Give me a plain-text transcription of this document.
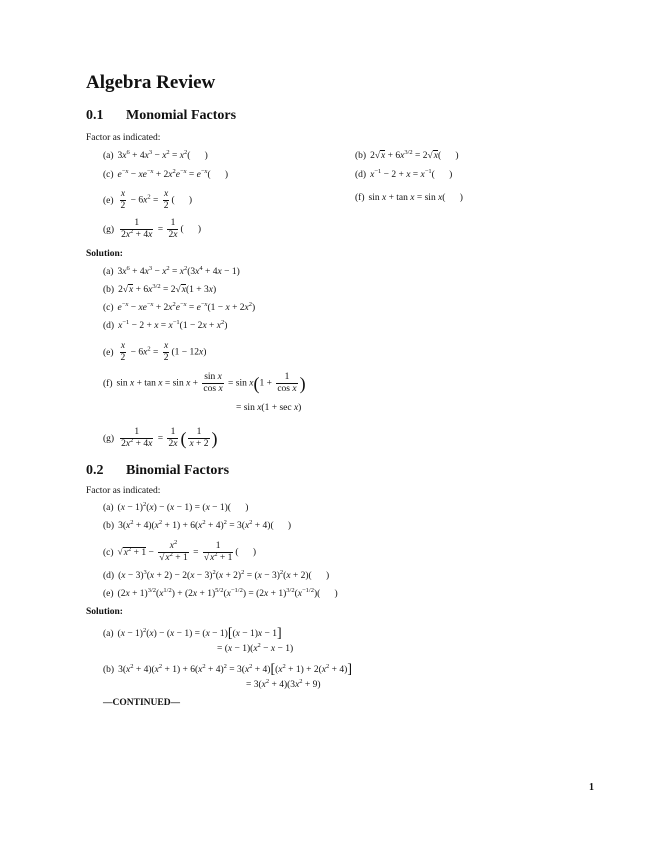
Algebra Review
0.1 Monomial Factors
Factor as indicated:
(a) $3x^6 + 4x^3 - x^2 = x^2$(      )	(b) $2√x + 6x^{3/2} = 2√x$(      )
(c) $e^{-x} - xe^{-x} + 2x^2e^{-x} = e^{-x}$(      )	(d) $x^{-1} - 2 + x = x^{-1}$(      )
$(e) \frac{x}{2} - 6x^2 = \frac{x}{2}$ (      )	(f) sin x + tan x = sin x(      )
$(g) \frac{1}{2x^2 + 4x} = \frac{1}{2x}$ (      )
Solution:
(a) $3x^6 + 4x^3 - x^2 = x^2(3x^4 + 4x - 1)$
(b) $2√x + 6x^{3/2} = 2√x(1 + 3x)$
(c) $e^{-x} - xe^{-x} + 2x^2e^{-x} = e^{-x}(1 - x + 2x^2)$
(d) $x^{-1} - 2 + x = x^{-1}(1 - 2x + x^2)$
$(e) \frac{x}{2} - 6x^2 = \frac{x}{2} (1 - 12x)$
(f) $\sin x + \tan x = \sin x + \frac{\text{sin x}}{\text{cos x}} = \sin x(1 + \frac{1}{\text{cos x}}$ )
= sin x(1 + sec x)
$(g) \frac{1}{2x^2 + 4x} = \frac{1}{2x}$ ( $\frac{1}{x + 2}$ )
0.2 Binomial Factors
Factor as indicated:
(a) $(x - 1)^2(x) - (x - 1) = (x - 1)$(      )
(b) $3(x^2 + 4)(x^2 + 1) + 6(x^2 + 4)^2 = 3(x^2 + 4)$(      )
(c) $√x^2 + 1 - \frac{x^2}{√x^2 + 1} = \frac{1}{√x^2 + 1}$ (      )
(d) $(x - 3)^3(x + 2) - 2(x - 3)^2(x + 2)^2 = (x - 3)^2(x + 2)$(      )
(e) $(2x + 1)^{3/2}(x^{1/2}) + (2x + 1)^{5/2}(x^{-1/2}) = (2x + 1)^{3/2}(x^{-1/2})$(      )
Solution:
(a) $(x - 1)^2(x) - (x - 1) = (x - 1)[(x - 1)x - 1]$
= $(x - 1)(x^2 - x - 1)$
(b) $3(x^2 + 4)(x^2 + 1) + 6(x^2 + 4)^2 = 3(x^2 + 4)[(x^2 + 1) + 2(x^2 + 4)]$
= $3(x^2 + 4)(3x^2 + 9)$
—CONTINUED—
1
